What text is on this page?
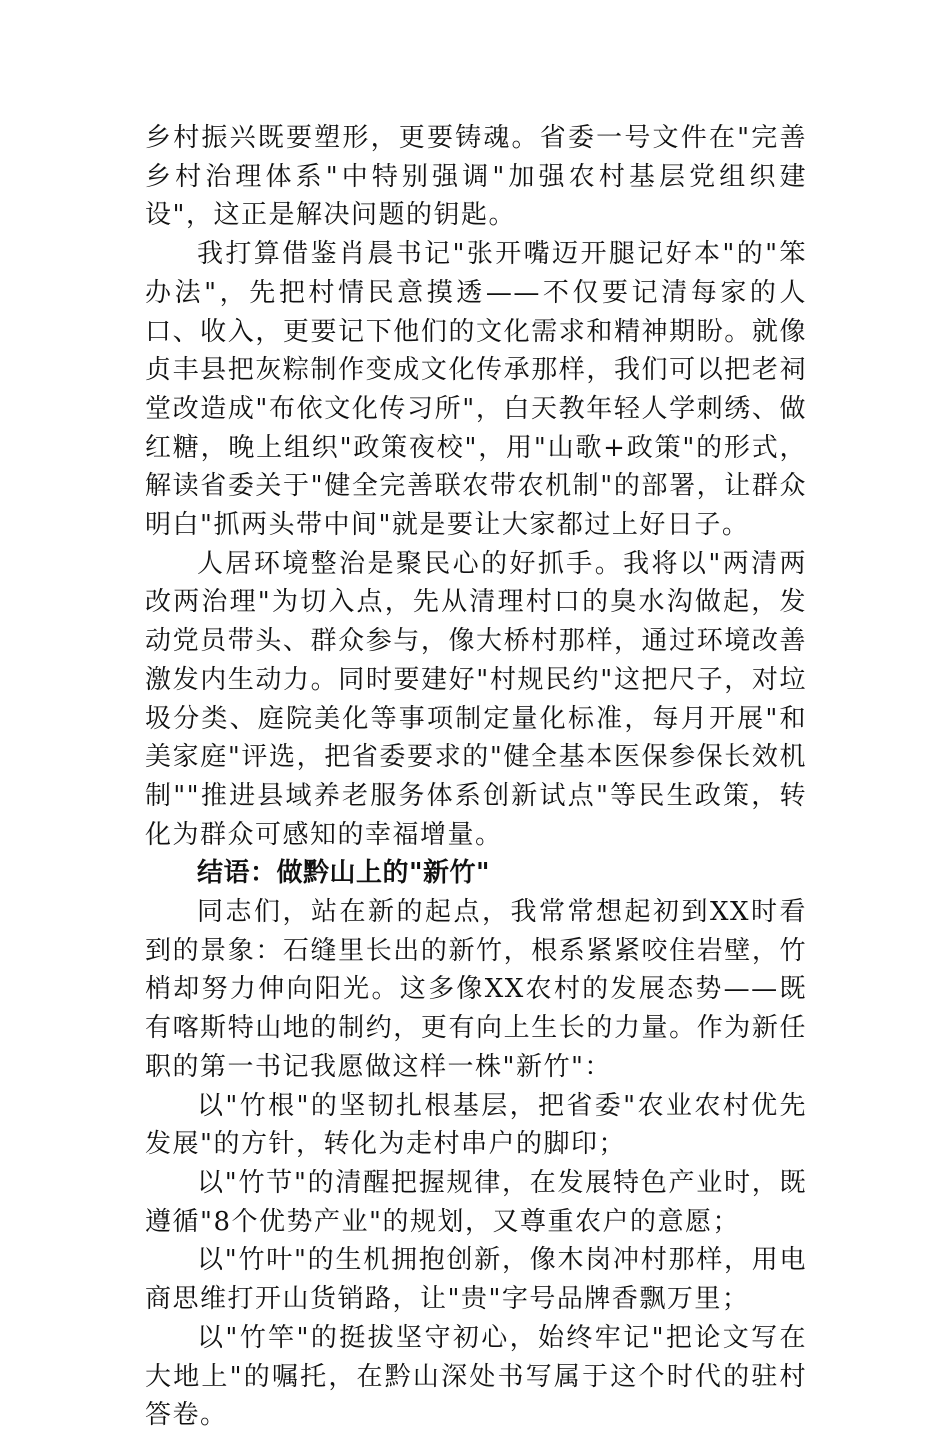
乡村振兴既要塑形，更要铸魂。省委一号文件在"完善乡村治理体系"中特别强调"加强农村基层党组织建设"，这正是解决问题的钥匙。

我打算借鉴肖晨书记"张开嘴迈开腿记好本"的"笨办法"，先把村情民意摸透——不仅要记清每家的人口、收入，更要记下他们的文化需求和精神期盼。就像贞丰县把灰粽制作变成文化传承那样，我们可以把老祠堂改造成"布依文化传习所"，白天教年轻人学刺绣、做红糖，晚上组织"政策夜校"，用"山歌+政策"的形式，解读省委关于"健全完善联农带农机制"的部署，让群众明白"抓两头带中间"就是要让大家都过上好日子。

人居环境整治是聚民心的好抓手。我将以"两清两改两治理"为切入点，先从清理村口的臭水沟做起，发动党员带头、群众参与，像大桥村那样，通过环境改善激发内生动力。同时要建好"村规民约"这把尺子，对垃圾分类、庭院美化等事项制定量化标准，每月开展"和美家庭"评选，把省委要求的"健全基本医保参保长效机制""推进县域养老服务体系创新试点"等民生政策，转化为群众可感知的幸福增量。

结语：做黔山上的"新竹"

同志们，站在新的起点，我常常想起初到XX时看到的景象：石缝里长出的新竹，根系紧紧咬住岩壁，竹梢却努力伸向阳光。这多像XX农村的发展态势——既有喀斯特山地的制约，更有向上生长的力量。作为新任职的第一书记我愿做这样一株"新竹"：

以"竹根"的坚韧扎根基层，把省委"农业农村优先发展"的方针，转化为走村串户的脚印；

以"竹节"的清醒把握规律，在发展特色产业时，既遵循"8个优势产业"的规划，又尊重农户的意愿；

以"竹叶"的生机拥抱创新，像木岗冲村那样，用电商思维打开山货销路，让"贵"字号品牌香飘万里；

以"竹竿"的挺拔坚守初心，始终牢记"把论文写在大地上"的嘱托，在黔山深处书写属于这个时代的驻村答卷。
